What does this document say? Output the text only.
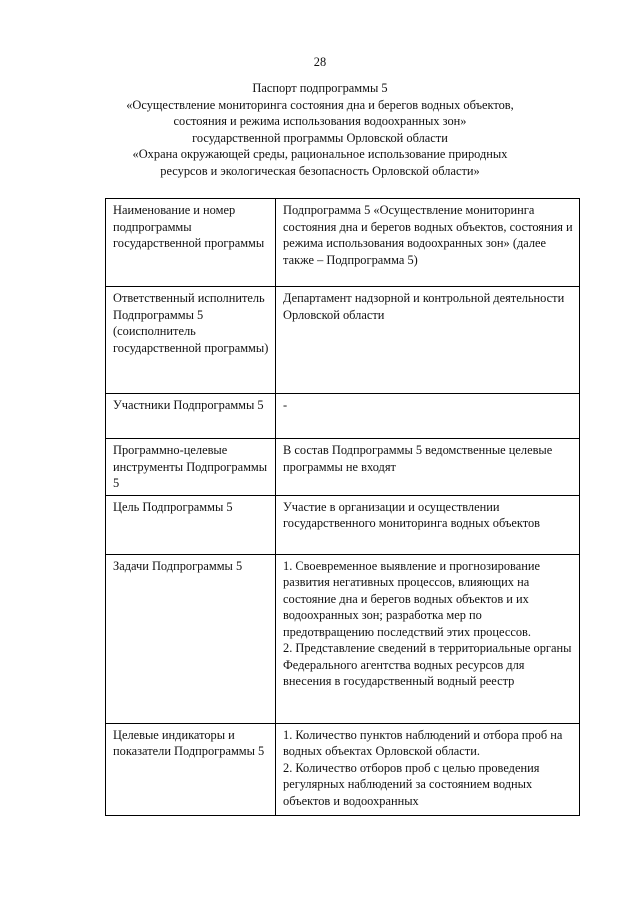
28
Паспорт подпрограммы 5
«Осуществление мониторинга состояния дна и берегов водных объектов,
состояния и режима использования водоохранных зон»
государственной программы Орловской области
«Охрана окружающей среды, рациональное использование природных
ресурсов и экологическая безопасность Орловской области»
Наименование и номер подпрограммы государственной программы	Подпрограмма 5 «Осуществление мониторинга состояния дна и берегов водных объектов, состояния и режима использования водоохранных зон» (далее также – Подпрограмма 5)

Ответственный исполнитель Подпрограммы 5 (соисполнитель государственной программы)	Департамент надзорной и контрольной деятельности Орловской области

Участники Подпрограммы 5	-

Программно-целевые инструменты Подпрограммы 5	В состав Подпрограммы 5 ведомственные целевые программы не входят

Цель Подпрограммы 5	Участие в организации и осуществлении государственного мониторинга водных объектов

Задачи Подпрограммы 5	1. Своевременное выявление и прогнозирование развития негативных процессов, влияющих на состояние дна и берегов водных объектов и их водоохранных зон; разработка мер по предотвращению последствий этих процессов.
2. Представление сведений в территориальные органы Федерального агентства водных ресурсов для внесения в государственный водный реестр

Целевые индикаторы и показатели Подпрограммы 5	1. Количество пунктов наблюдений и отбора проб на водных объектах Орловской области.
2. Количество отборов проб с целью проведения регулярных наблюдений за состоянием водных объектов и водоохранных
